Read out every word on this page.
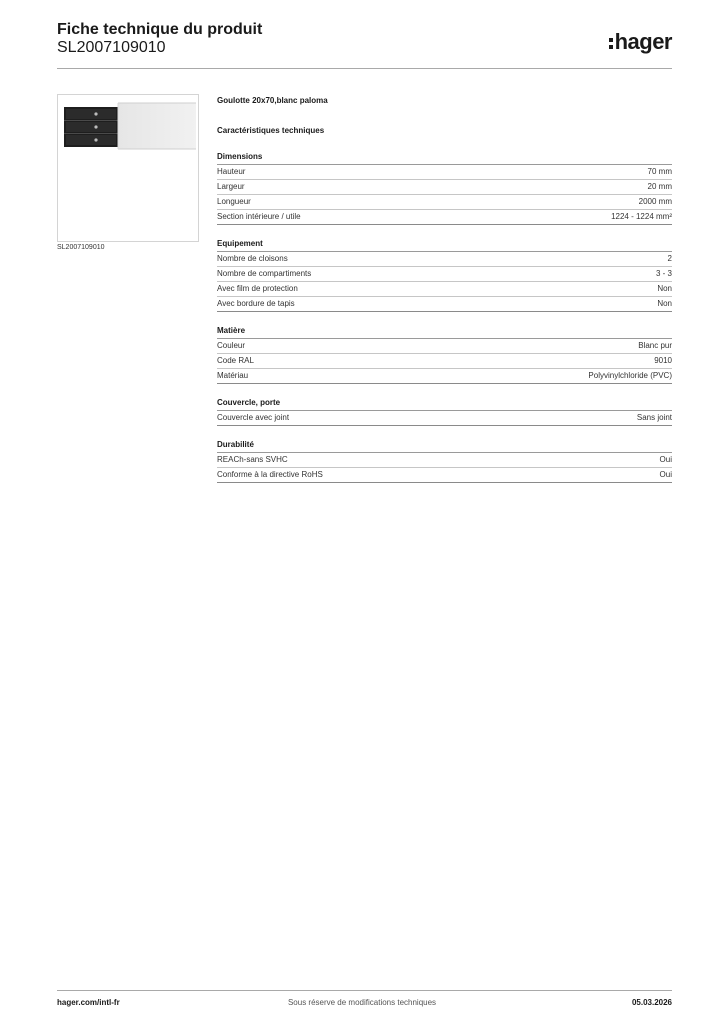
Fiche technique du produit
SL2007109010	hager
SL2007109010

Goulotte 20x70,blanc paloma

Caractéristiques techniques

Dimensions
Hauteur	70 mm
Largeur	20 mm
Longueur	2000 mm
Section intérieure / utile	1224 - 1224 mm²
Equipement
Nombre de cloisons	2
Nombre de compartiments	3 - 3
Avec film de protection	Non
Avec bordure de tapis	Non
Matière
Couleur	Blanc pur
Code RAL	9010
Matériau	Polyvinylchloride (PVC)
Couvercle, porte
Couvercle avec joint	Sans joint
Durabilité
REACh-sans SVHC	Oui
Conforme à la directive RoHS	Oui
hager.com/intl-fr	Sous réserve de modifications techniques	05.03.2026
